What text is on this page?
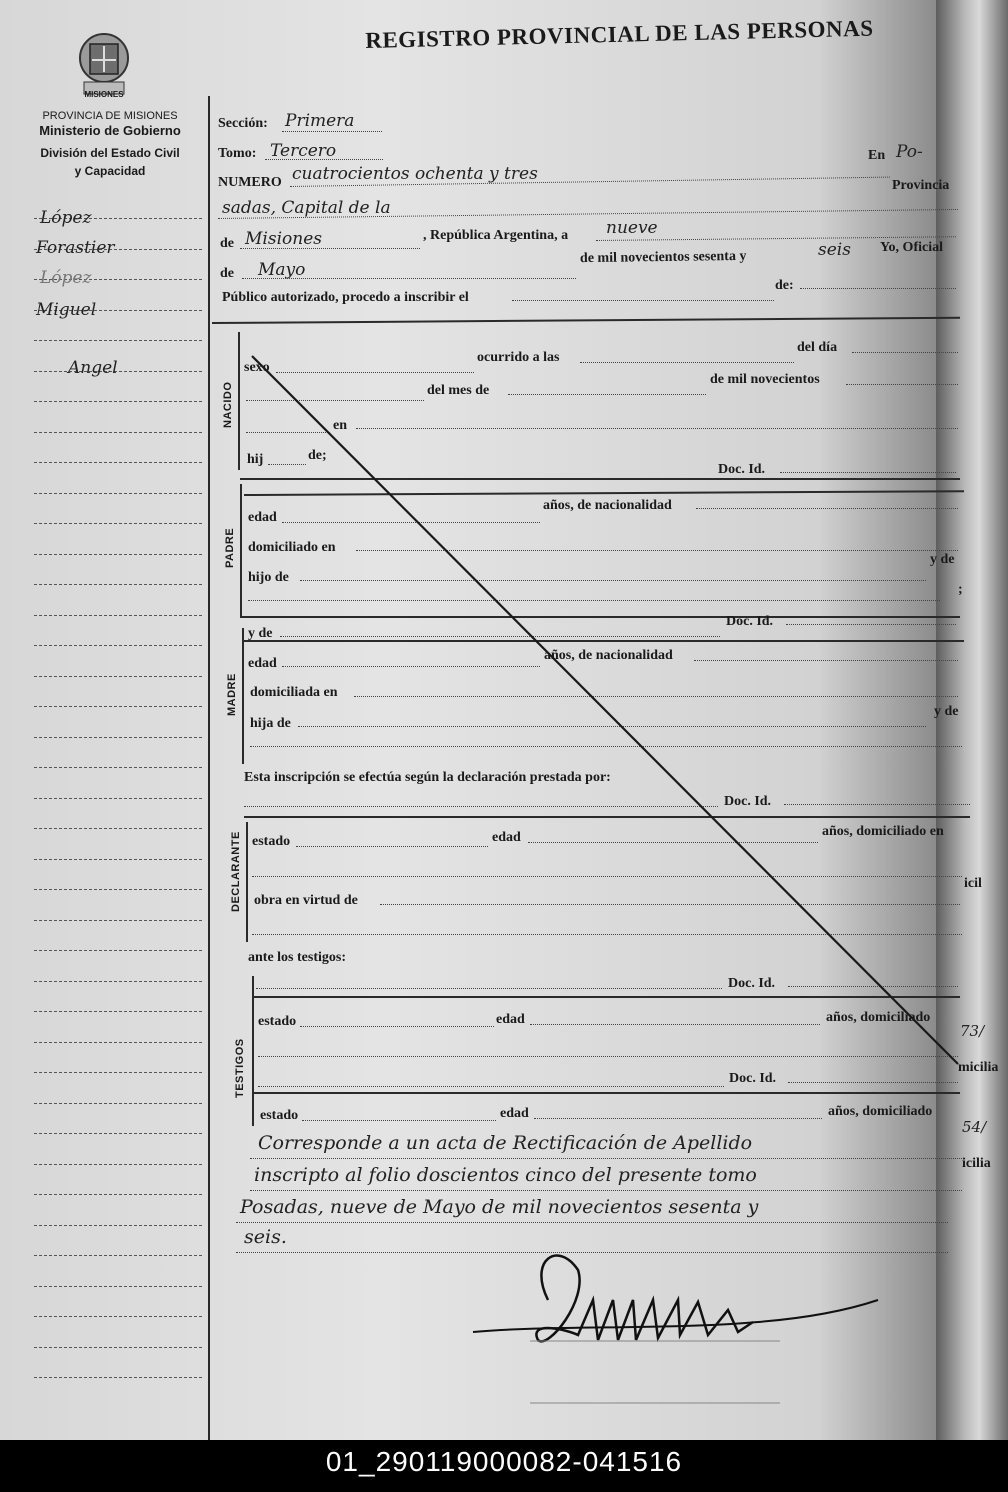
MISIONES
PROVINCIA DE MISIONES
Ministerio de Gobierno
División del Estado Civil
y Capacidad
REGISTRO PROVINCIAL DE LAS PERSONAS
López
Forastier
López
Miguel
Angel
Sección: Primera
Tomo: Tercero	En Po-
NUMERO cuatrocientos ochenta y tres
Provincia
sadas, Capital de la
de Misiones	, República Argentina, a nueve
de Mayo
de mil novecientos sesenta y	seis Yo, Oficial
Público autorizado, procedo a inscribir el
de:
NACIDO
sexo
ocurrido a las
del día
del mes de
de mil novecientos
en
hij	de;
Doc. Id.
PADRE
edad
años, de nacionalidad
domiciliado en
hijo de
y de
;
y de
Doc. Id.
MADRE
edad
años, de nacionalidad
domiciliada en
hija de
y de
Esta inscripción se efectúa según la declaración prestada por:
Doc. Id.
DECLARANTE estado	edad	años, domiciliado en
obra en virtud de
ante los testigos:
Doc. Id.
TESTIGOS
estado	edad	años, domiciliado
Doc. Id.
estado	edad	años, domiciliado
Corresponde a un acta de Rectificación de Apellido
inscripto al folio doscientos cinco del presente tomo
Posadas, nueve de Mayo de mil novecientos sesenta y
seis.
icil
micilia
icilia
73/
54/
01_290119000082-041516
